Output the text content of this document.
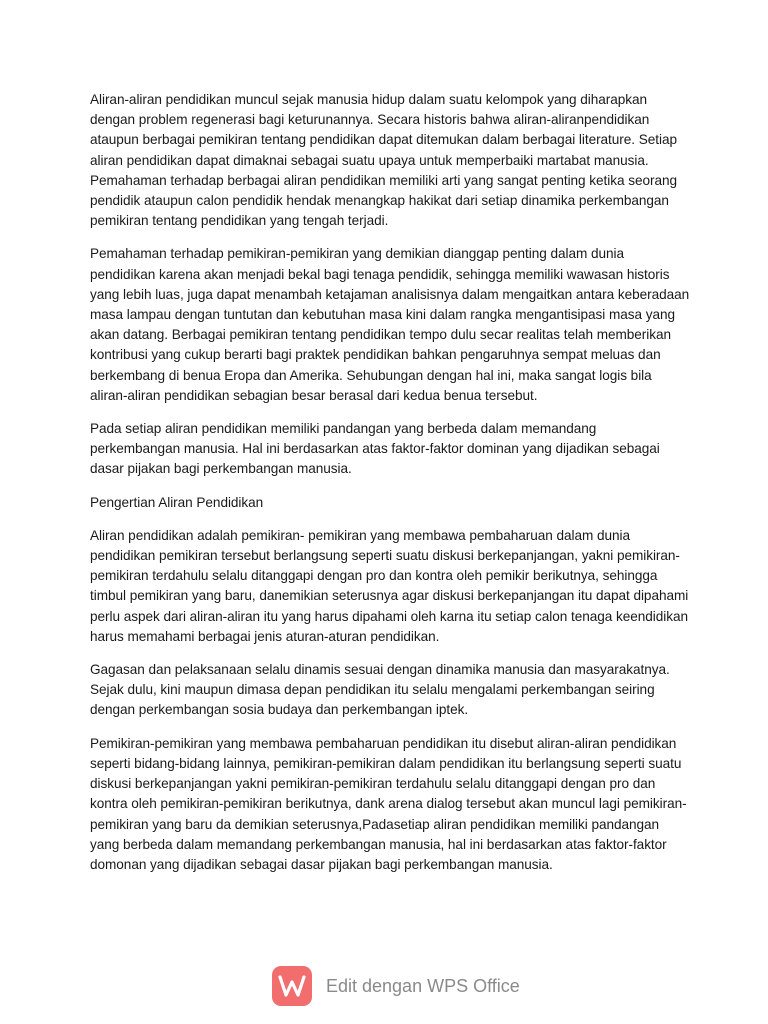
Aliran-aliran pendidikan muncul sejak manusia hidup dalam suatu kelompok yang diharapkan dengan problem regenerasi bagi keturunannya. Secara historis bahwa aliran-aliranpendidikan ataupun berbagai pemikiran tentang pendidikan dapat ditemukan dalam berbagai literature. Setiap aliran pendidikan dapat dimaknai sebagai suatu upaya untuk memperbaiki martabat manusia. Pemahaman terhadap berbagai aliran pendidikan memiliki arti yang sangat penting ketika seorang pendidik ataupun calon pendidik hendak menangkap hakikat dari setiap dinamika perkembangan pemikiran tentang pendidikan yang tengah terjadi.

Pemahaman terhadap pemikiran-pemikiran yang demikian dianggap penting dalam dunia pendidikan karena akan menjadi bekal bagi tenaga pendidik, sehingga memiliki wawasan historis yang lebih luas, juga dapat menambah ketajaman analisisnya dalam mengaitkan antara keberadaan masa lampau dengan tuntutan dan kebutuhan masa kini dalam rangka mengantisipasi masa yang akan datang. Berbagai pemikiran tentang pendidikan tempo dulu secar realitas telah memberikan kontribusi yang cukup berarti bagi praktek pendidikan bahkan pengaruhnya sempat meluas dan berkembang di benua Eropa dan Amerika. Sehubungan dengan hal ini, maka sangat logis bila aliran-aliran pendidikan sebagian besar berasal dari kedua benua tersebut.

Pada setiap aliran pendidikan memiliki pandangan yang berbeda dalam memandang perkembangan manusia. Hal ini berdasarkan atas faktor-faktor dominan yang dijadikan sebagai dasar pijakan bagi perkembangan manusia.

Pengertian Aliran Pendidikan

Aliran pendidikan adalah pemikiran- pemikiran yang membawa pembaharuan dalam dunia pendidikan pemikiran tersebut berlangsung seperti suatu diskusi berkepanjangan, yakni pemikiran-pemikiran terdahulu selalu ditanggapi dengan pro dan kontra oleh pemikir berikutnya, sehingga timbul pemikiran yang baru, danemikian seterusnya agar diskusi berkepanjangan itu dapat dipahami perlu aspek dari aliran-aliran itu yang harus dipahami oleh karna itu setiap calon tenaga keendidikan harus memahami berbagai jenis aturan-aturan pendidikan.

Gagasan dan pelaksanaan selalu dinamis sesuai dengan dinamika manusia dan masyarakatnya. Sejak dulu, kini maupun dimasa depan pendidikan itu selalu mengalami perkembangan seiring dengan perkembangan sosia budaya dan perkembangan iptek.

Pemikiran-pemikiran yang membawa pembaharuan pendidikan itu disebut aliran-aliran pendidikan seperti bidang-bidang lainnya, pemikiran-pemikiran dalam pendidikan itu berlangsung seperti suatu diskusi berkepanjangan yakni pemikiran-pemikiran terdahulu selalu ditanggapi dengan pro dan kontra oleh pemikiran-pemikiran berikutnya, dank arena dialog tersebut akan muncul lagi pemikiran-pemikiran yang baru da demikian seterusnya,Padasetiap aliran pendidikan memiliki pandangan yang berbeda dalam memandang perkembangan manusia, hal ini berdasarkan atas faktor-faktor domonan yang dijadikan sebagai dasar pijakan bagi perkembangan manusia.

Edit dengan WPS Office
